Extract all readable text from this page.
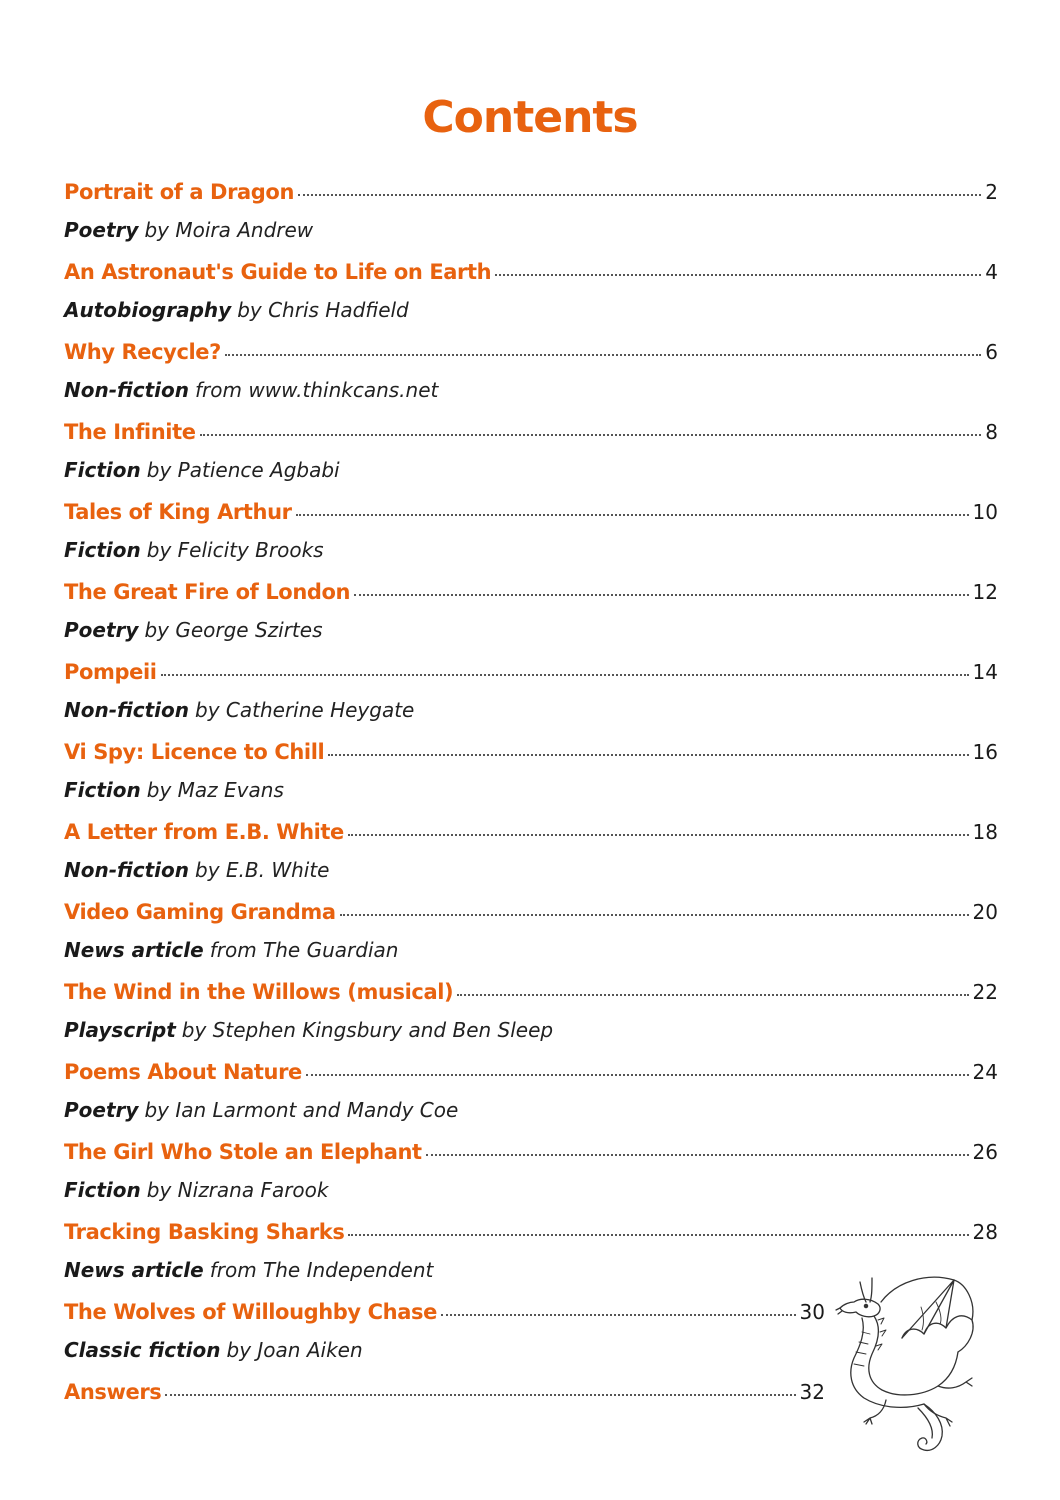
Contents
Portrait of a Dragon	2
Poetry by Moira Andrew
An Astronaut's Guide to Life on Earth	4
Autobiography by Chris Hadfield
Why Recycle?	6
Non-fiction from www.thinkcans.net
The Infinite	8
Fiction by Patience Agbabi
Tales of King Arthur	10
Fiction by Felicity Brooks
The Great Fire of London	12
Poetry by George Szirtes
Pompeii	14
Non-fiction by Catherine Heygate
Vi Spy: Licence to Chill	16
Fiction by Maz Evans
A Letter from E.B. White	18
Non-fiction by E.B. White
Video Gaming Grandma	20
News article from The Guardian
The Wind in the Willows (musical)	22
Playscript by Stephen Kingsbury and Ben Sleep
Poems About Nature	24
Poetry by Ian Larmont and Mandy Coe
The Girl Who Stole an Elephant	26
Fiction by Nizrana Farook
Tracking Basking Sharks	28
News article from The Independent
The Wolves of Willoughby Chase	30
Classic fiction by Joan Aiken
Answers	32
